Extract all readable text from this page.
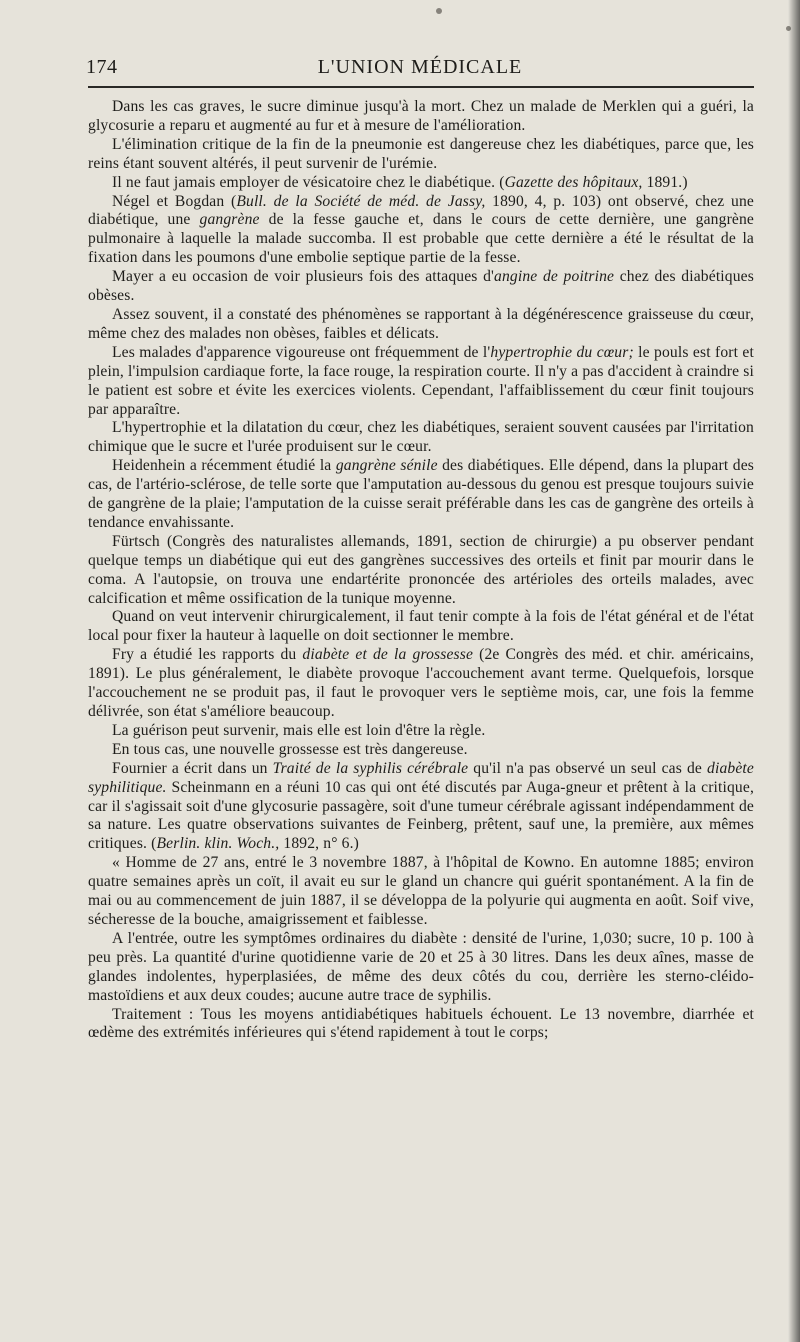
174	L'UNION MÉDICALE

Dans les cas graves, le sucre diminue jusqu'à la mort. Chez un malade de Merklen qui a guéri, la glycosurie a reparu et augmenté au fur et à mesure de l'amélioration.

L'élimination critique de la fin de la pneumonie est dangereuse chez les diabétiques, parce que, les reins étant souvent altérés, il peut survenir de l'urémie.

Il ne faut jamais employer de vésicatoire chez le diabétique. (Gazette des hôpitaux, 1891.)

Négel et Bogdan (Bull. de la Société de méd. de Jassy, 1890, 4, p. 103) ont observé, chez une diabétique, une gangrène de la fesse gauche et, dans le cours de cette dernière, une gangrène pulmonaire à laquelle la malade succomba. Il est probable que cette dernière a été le résultat de la fixation dans les poumons d'une embolie septique partie de la fesse.

Mayer a eu occasion de voir plusieurs fois des attaques d'angine de poitrine chez des diabétiques obèses.

Assez souvent, il a constaté des phénomènes se rapportant à la dégénérescence graisseuse du cœur, même chez des malades non obèses, faibles et délicats.

Les malades d'apparence vigoureuse ont fréquemment de l'hypertrophie du cœur; le pouls est fort et plein, l'impulsion cardiaque forte, la face rouge, la respiration courte. Il n'y a pas d'accident à craindre si le patient est sobre et évite les exercices violents. Cependant, l'affaiblissement du cœur finit toujours par apparaître.

L'hypertrophie et la dilatation du cœur, chez les diabétiques, seraient souvent causées par l'irritation chimique que le sucre et l'urée produisent sur le cœur.

Heidenhein a récemment étudié la gangrène sénile des diabétiques. Elle dépend, dans la plupart des cas, de l'artério-sclérose, de telle sorte que l'amputation au-dessous du genou est presque toujours suivie de gangrène de la plaie; l'amputation de la cuisse serait préférable dans les cas de gangrène des orteils à tendance envahissante.

Fürtsch (Congrès des naturalistes allemands, 1891, section de chirurgie) a pu observer pendant quelque temps un diabétique qui eut des gangrènes successives des orteils et finit par mourir dans le coma. A l'autopsie, on trouva une endartérite prononcée des artérioles des orteils malades, avec calcification et même ossification de la tunique moyenne.

Quand on veut intervenir chirurgicalement, il faut tenir compte à la fois de l'état général et de l'état local pour fixer la hauteur à laquelle on doit sectionner le membre.

Fry a étudié les rapports du diabète et de la grossesse (2e Congrès des méd. et chir. américains, 1891). Le plus généralement, le diabète provoque l'accouchement avant terme. Quelquefois, lorsque l'accouchement ne se produit pas, il faut le provoquer vers le septième mois, car, une fois la femme délivrée, son état s'améliore beaucoup.

La guérison peut survenir, mais elle est loin d'être la règle.

En tous cas, une nouvelle grossesse est très dangereuse.

Fournier a écrit dans un Traité de la syphilis cérébrale qu'il n'a pas observé un seul cas de diabète syphilitique. Scheinmann en a réuni 10 cas qui ont été discutés par Auga-gneur et prêtent à la critique, car il s'agissait soit d'une glycosurie passagère, soit d'une tumeur cérébrale agissant indépendamment de sa nature. Les quatre observations suivantes de Feinberg, prêtent, sauf une, la première, aux mêmes critiques. (Berlin. klin. Woch., 1892, n° 6.)

« Homme de 27 ans, entré le 3 novembre 1887, à l'hôpital de Kowno. En automne 1885; environ quatre semaines après un coït, il avait eu sur le gland un chancre qui guérit spontanément. A la fin de mai ou au commencement de juin 1887, il se développa de la polyurie qui augmenta en août. Soif vive, sécheresse de la bouche, amaigrissement et faiblesse.

A l'entrée, outre les symptômes ordinaires du diabète : densité de l'urine, 1,030; sucre, 10 p. 100 à peu près. La quantité d'urine quotidienne varie de 20 et 25 à 30 litres. Dans les deux aînes, masse de glandes indolentes, hyperplasiées, de même des deux côtés du cou, derrière les sterno-cléido-mastoïdiens et aux deux coudes; aucune autre trace de syphilis.

Traitement : Tous les moyens antidiabétiques habituels échouent. Le 13 novembre, diarrhée et œdème des extrémités inférieures qui s'étend rapidement à tout le corps;
